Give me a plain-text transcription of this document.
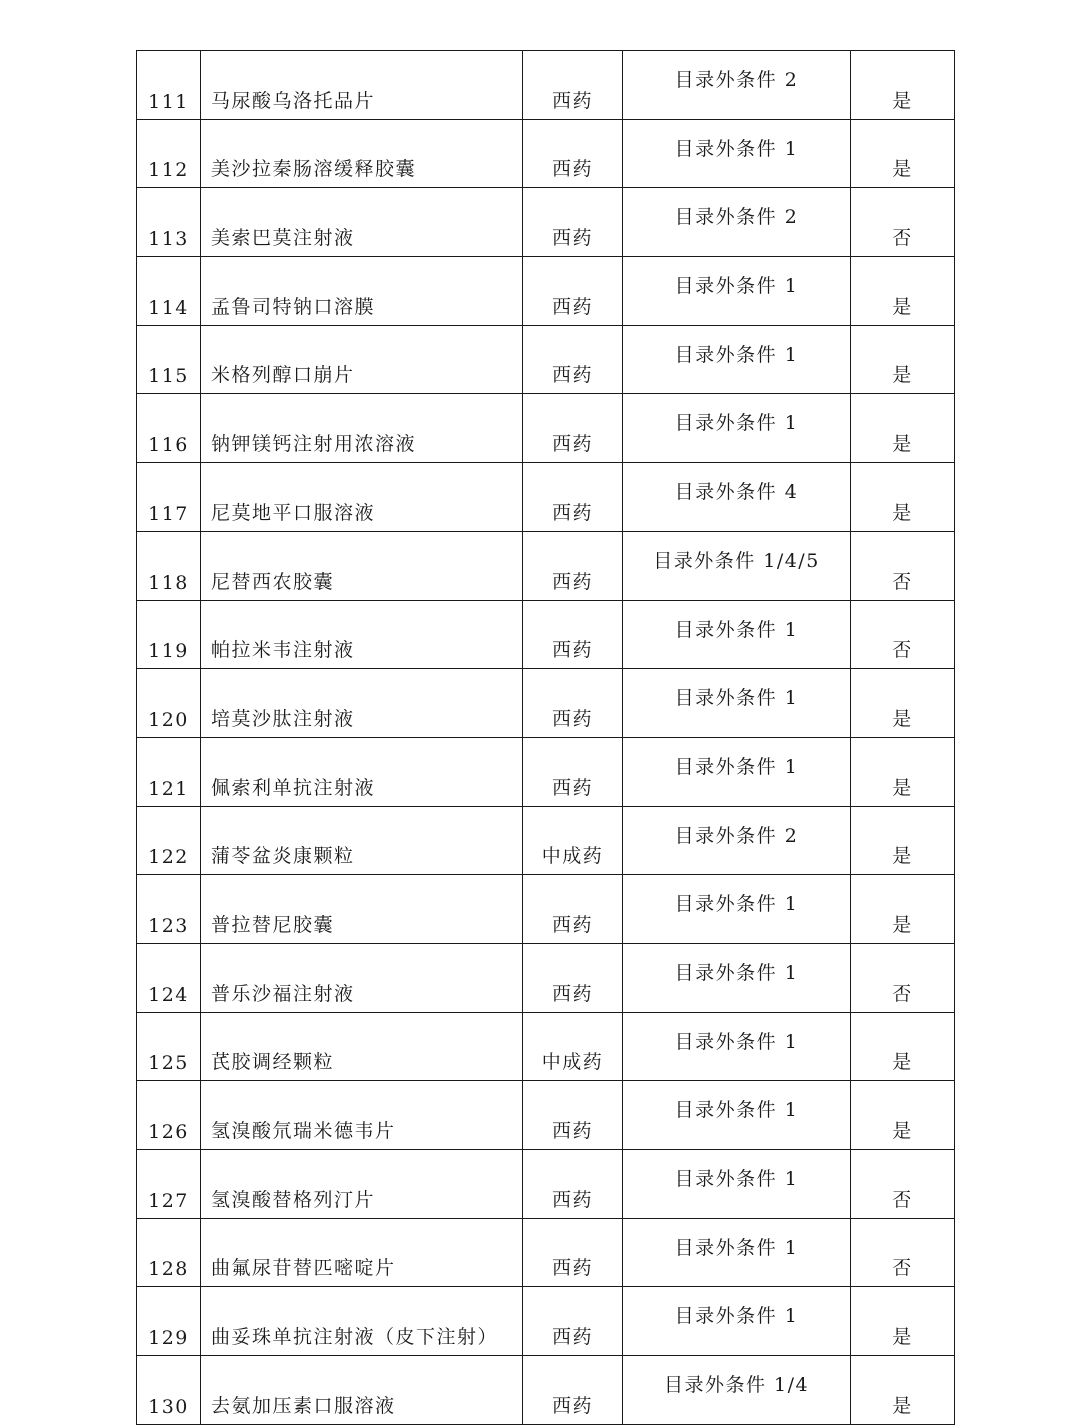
111	马尿酸乌洛托品片	西药	目录外条件 2	是
112	美沙拉秦肠溶缓释胶囊	西药	目录外条件 1	是
113	美索巴莫注射液	西药	目录外条件 2	否
114	孟鲁司特钠口溶膜	西药	目录外条件 1	是
115	米格列醇口崩片	西药	目录外条件 1	是
116	钠钾镁钙注射用浓溶液	西药	目录外条件 1	是
117	尼莫地平口服溶液	西药	目录外条件 4	是
118	尼替西农胶囊	西药	目录外条件 1/4/5	否
119	帕拉米韦注射液	西药	目录外条件 1	否
120	培莫沙肽注射液	西药	目录外条件 1	是
121	佩索利单抗注射液	西药	目录外条件 1	是
122	蒲苓盆炎康颗粒	中成药	目录外条件 2	是
123	普拉替尼胶囊	西药	目录外条件 1	是
124	普乐沙福注射液	西药	目录外条件 1	否
125	芪胶调经颗粒	中成药	目录外条件 1	是
126	氢溴酸氘瑞米德韦片	西药	目录外条件 1	是
127	氢溴酸替格列汀片	西药	目录外条件 1	否
128	曲氟尿苷替匹嘧啶片	西药	目录外条件 1	否
129	曲妥珠单抗注射液（皮下注射）	西药	目录外条件 1	是
130	去氨加压素口服溶液	西药	目录外条件 1/4	是
